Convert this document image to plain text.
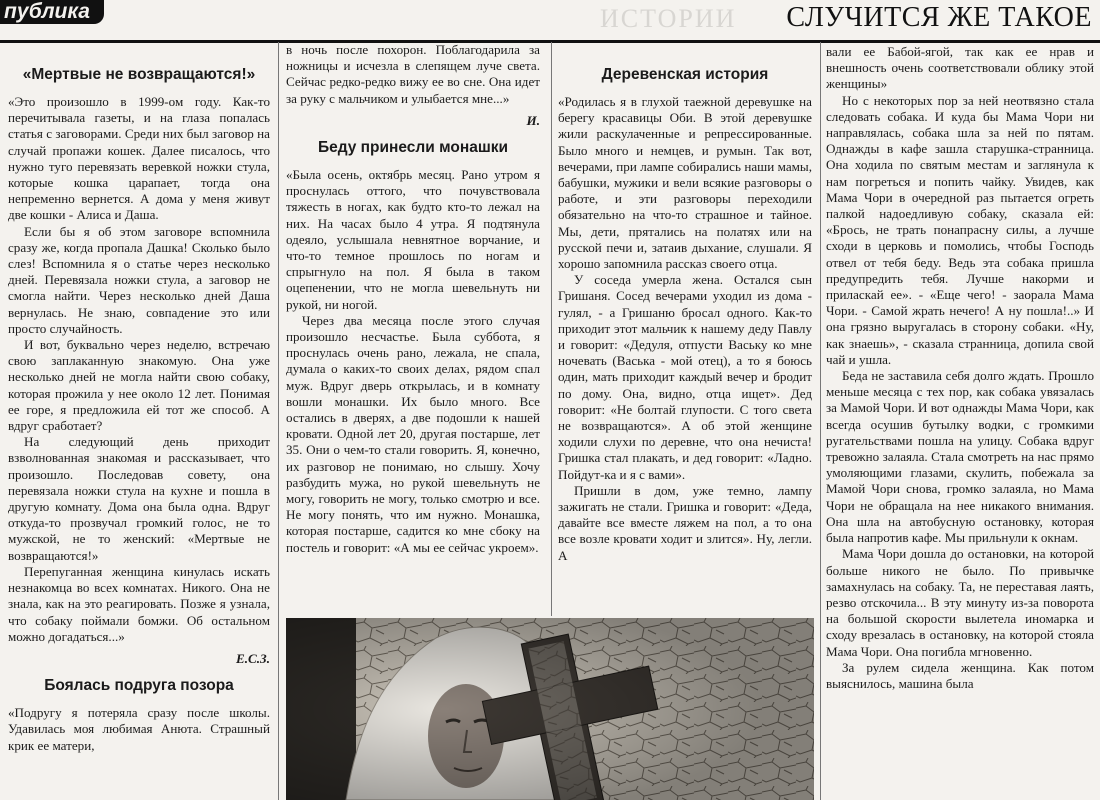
публика	ИСТОРИИ СЛУЧИТСЯ ЖЕ ТАКОЕ
«Мертвые не возвращаются!»

«Это произошло в 1999-ом году. Как-то перечитывала газеты, и на глаза попалась статья с заговорами. Среди них был заговор на случай пропажи кошек. Далее писалось, что нужно туго перевязать веревкой ножки стула, которые кошка царапает, тогда она непременно вернется. А дома у меня живут две кошки - Алиса и Даша.

Если бы я об этом заговоре вспомнила сразу же, когда пропала Дашка! Сколько было слез! Вспомнила я о статье через несколько дней. Перевязала ножки стула, а заговор не смогла найти. Через несколько дней Даша вернулась. Не знаю, совпадение это или просто случайность.

И вот, буквально через неделю, встречаю свою заплаканную знакомую. Она уже несколько дней не могла найти свою собаку, которая прожила у нее около 12 лет. Понимая ее горе, я предложила ей тот же способ. А вдруг сработает?

На следующий день приходит взволнованная знакомая и рассказывает, что произошло. Последовав совету, она перевязала ножки стула на кухне и пошла в другую комнату. Дома она была одна. Вдруг откуда-то прозвучал громкий голос, не то мужской, не то женский: «Мертвые не возвращаются!»

Перепуганная женщина кинулась искать незнакомца во всех комнатах. Никого. Она не знала, как на это реагировать. Позже я узнала, что собаку поймали бомжи. Об остальном можно догадаться...»

Е.С.З.

Боялась подруга позора

«Подругу я потеряла сразу после школы. Удавилась моя любимая Анюта. Страшный крик ее матери,

в ночь после похорон. Поблагодарила за ножницы и исчезла в слепящем луче света. Сейчас редко-редко вижу ее во сне. Она идет за руку с мальчиком и улыбается мне...»

И.

Беду принесли монашки

«Была осень, октябрь месяц. Рано утром я проснулась оттого, что почувствовала тяжесть в ногах, как будто кто-то лежал на них. На часах было 4 утра. Я подтянула одеяло, услышала невнятное ворчание, и что-то темное прошлось по ногам и спрыгнуло на пол. Я была в таком оцепенении, что не могла шевельнуть ни рукой, ни ногой.

Через два месяца после этого случая произошло несчастье. Была суббота, я проснулась очень рано, лежала, не спала, думала о каких-то своих делах, рядом спал муж. Вдруг дверь открылась, и в комнату вошли монашки. Их было много. Все остались в дверях, а две подошли к нашей кровати. Одной лет 20, другая постарше, лет 35. Они о чем-то стали говорить. Я, конечно, их разговор не понимаю, но слышу. Хочу разбудить мужа, но рукой шевельнуть не могу, говорить не могу, только смотрю и все. Не могу понять, что им нужно. Монашка, которая постарше, садится ко мне сбоку на постель и говорит: «А мы ее сейчас укроем».

Деревенская история

«Родилась я в глухой таежной деревушке на берегу красавицы Оби. В этой деревушке жили раскулаченные и репрессированные. Было много и немцев, и румын. Так вот, вечерами, при лампе собирались наши мамы, бабушки, мужики и вели всякие разговоры о работе, и эти разговоры переходили обязательно на что-то страшное и тайное. Мы, дети, прятались на полатях или на русской печи и, затаив дыхание, слушали. Я хорошо запомнила рассказ своего отца.

У соседа умерла жена. Остался сын Гришаня. Сосед вечерами уходил из дома - гулял, - а Гришаню бросал одного. Как-то приходит этот мальчик к нашему деду Павлу и говорит: «Дедуля, отпусти Ваську ко мне ночевать (Васька - мой отец), а то я боюсь один, мать приходит каждый вечер и бродит по дому. Она, видно, отца ищет». Дед говорит: «Не болтай глупости. С того света не возвращаются». А об этой женщине ходили слухи по деревне, что она нечиста! Гришка стал плакать, и дед говорит: «Ладно. Пойдут-ка и я с вами».

Пришли в дом, уже темно, лампу зажигать не стали. Гришка и говорит: «Деда, давайте все вместе ляжем на пол, а то она все возле кровати ходит и злится». Ну, легли. А

вали ее Бабой-ягой, так как ее нрав и внешность очень соответствовали облику этой женщины»

Но с некоторых пор за ней неотвязно стала следовать собака. И куда бы Мама Чори ни направлялась, собака шла за ней по пятам. Однажды в кафе зашла старушка-странница. Она ходила по святым местам и заглянула к нам погреться и попить чайку. Увидев, как Мама Чори в очередной раз пытается огреть палкой надоедливую собаку, сказала ей: «Брось, не трать понапрасну силы, а лучше сходи в церковь и помолись, чтобы Господь отвел от тебя беду. Ведь эта собака пришла предупредить тебя. Лучше накорми и приласкай ее». - «Еще чего! - заорала Мама Чори. - Самой жрать нечего! А ну пошла!..» И она грязно выругалась в сторону собаки. «Ну, как знаешь», - сказала странница, допила свой чай и ушла.

Беда не заставила себя долго ждать. Прошло меньше месяца с тех пор, как собака увязалась за Мамой Чори. И вот однажды Мама Чори, как всегда осушив бутылку водки, с громкими ругательствами пошла на улицу. Собака вдруг тревожно залаяла. Стала смотреть на нас прямо умоляющими глазами, скулить, побежала за Мамой Чори снова, громко залаяла, но Мама Чори не обращала на нее никакого внимания. Она шла на автобусную остановку, которая была напротив кафе. Мы прильнули к окнам.

Мама Чори дошла до остановки, на которой больше никого не было. По привычке замахнулась на собаку. Та, не переставая лаять, резво отскочила... В эту минуту из-за поворота на большой скорости вылетела иномарка и сходу врезалась в остановку, на которой стояла Мама Чори. Она погибла мгновенно.

За рулем сидела женщина. Как потом выяснилось, машина была
